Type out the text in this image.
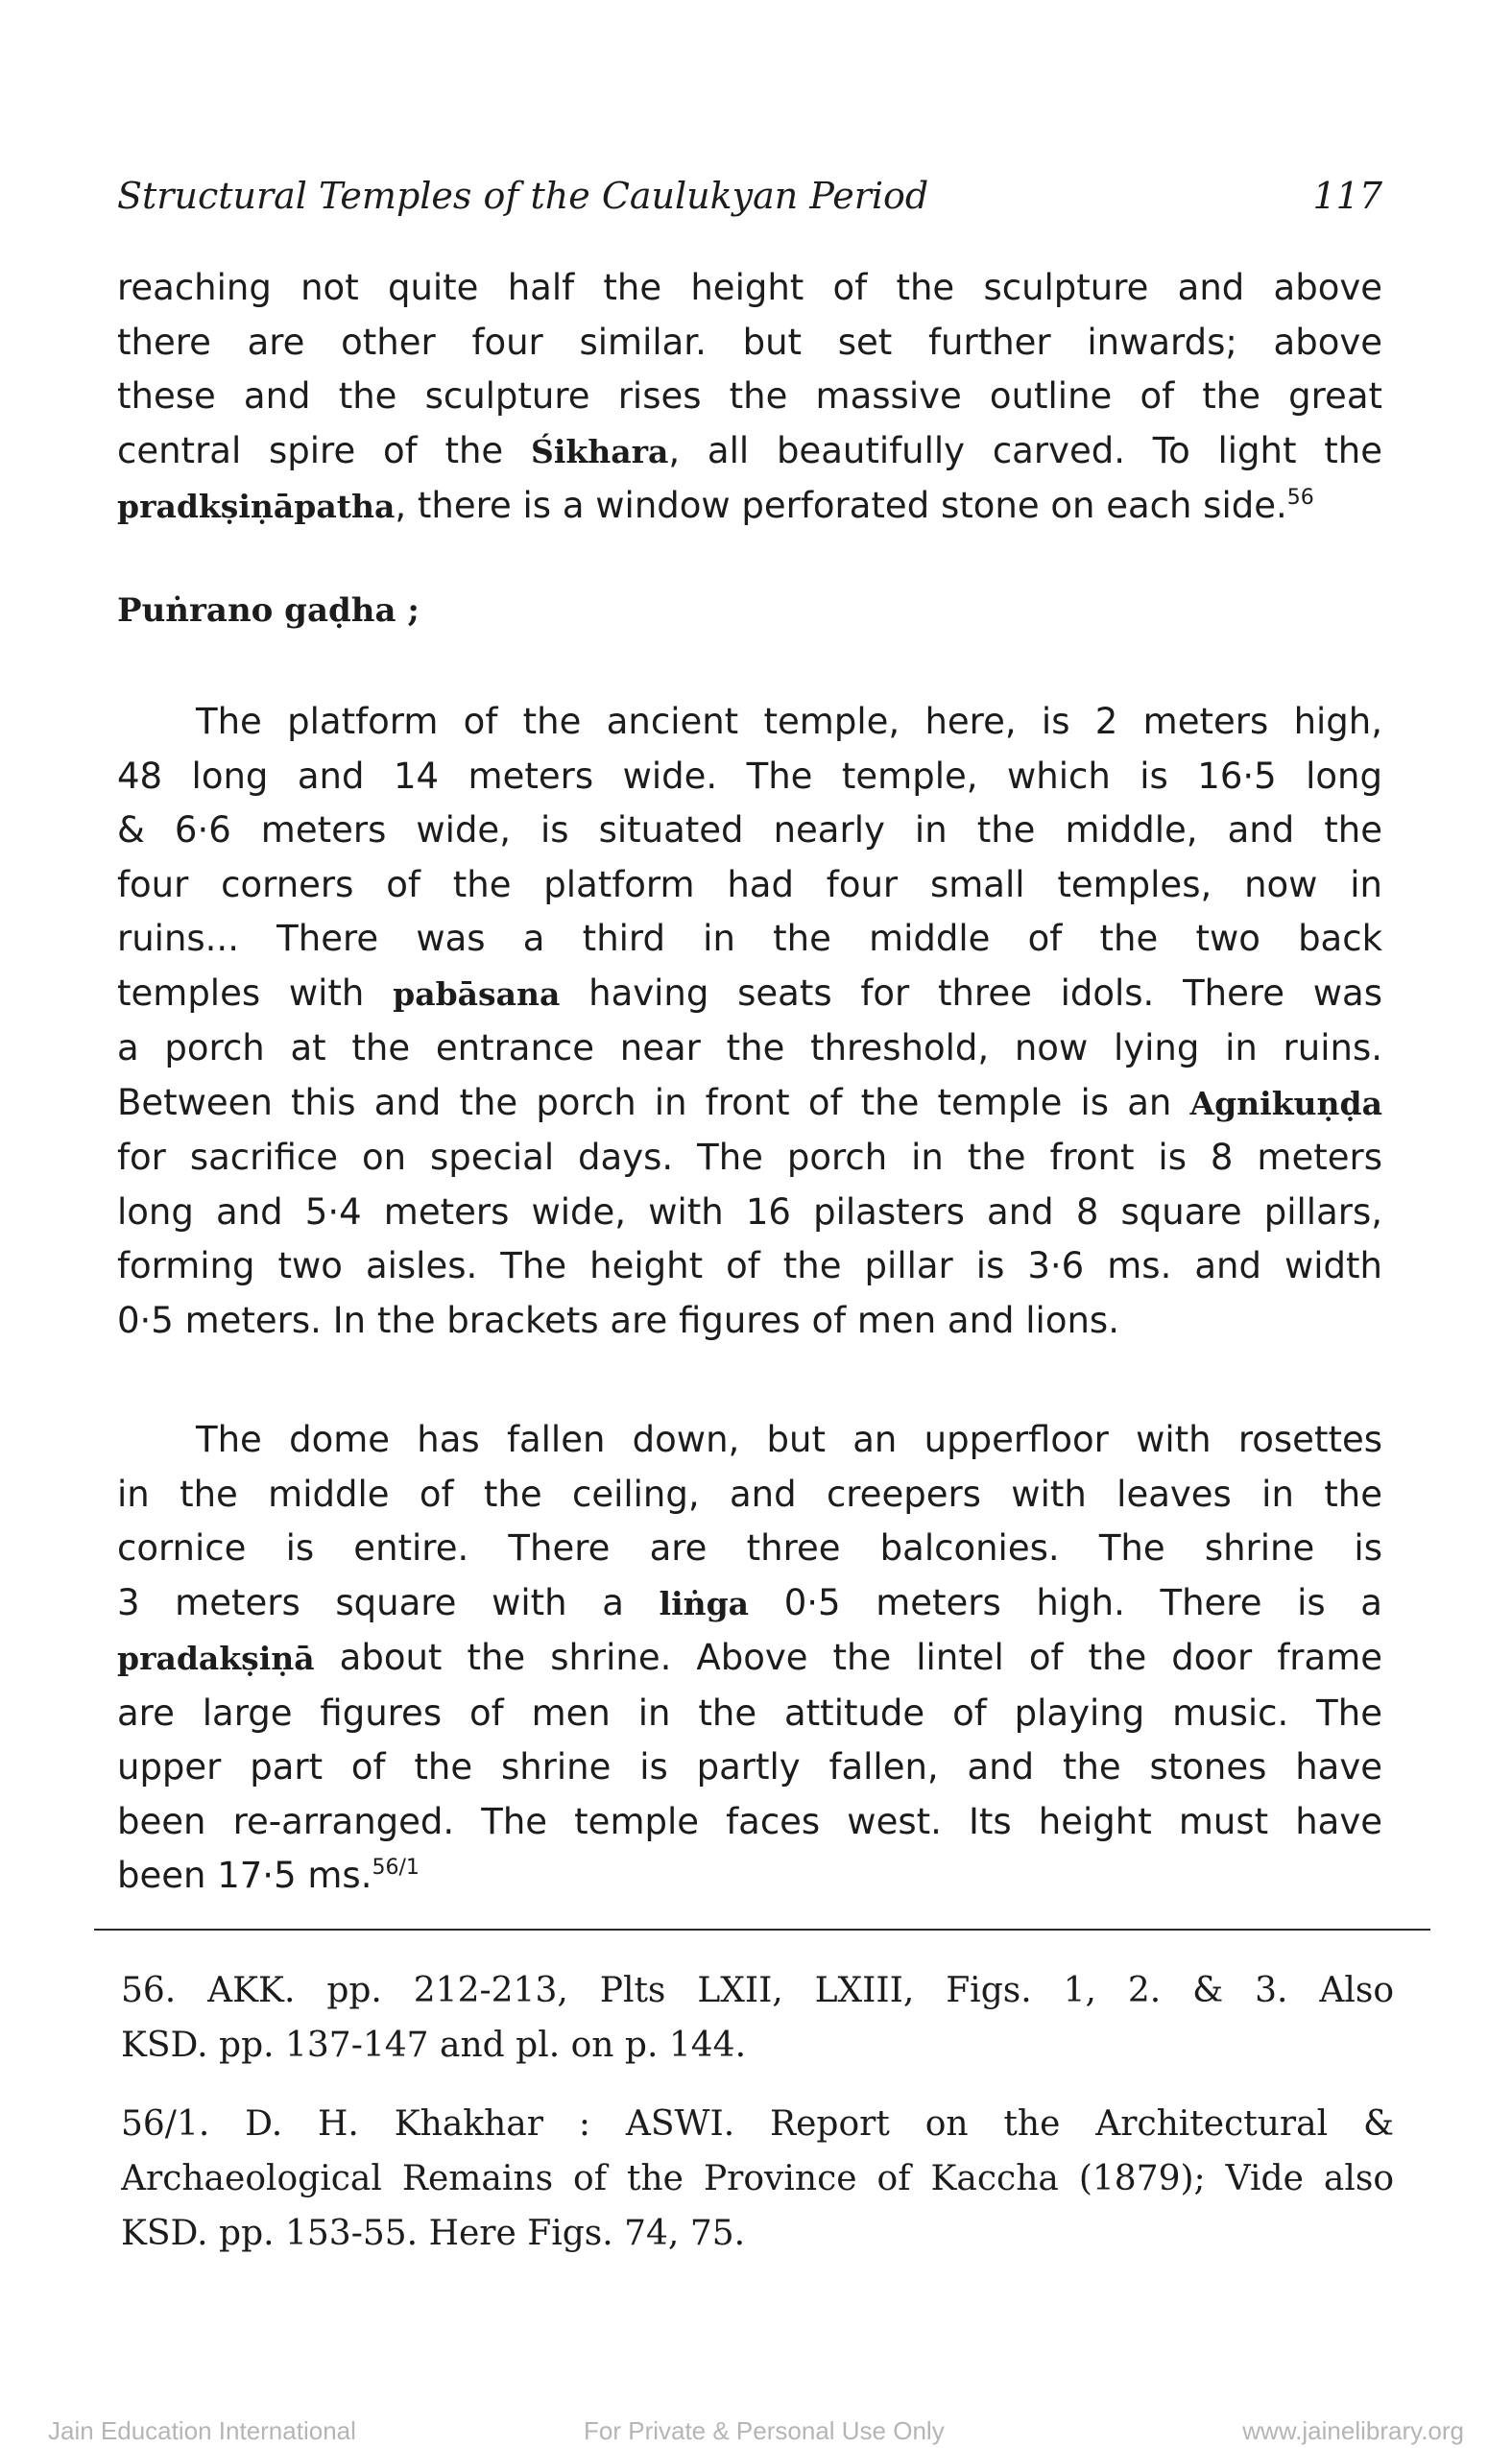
Structural Temples of the Caulukyan Period	117
reaching not quite half the height of the sculpture and above
there are other four similar. but set further inwards; above
these and the sculpture rises the massive outline of the great
central spire of the Śikhara, all beautifully carved. To light the
pradkṣiṇāpatha, there is a window perforated stone on each side.$^{56}$
Puṅrano gaḍha ;
The platform of the ancient temple, here, is 2 meters high,
48 long and 14 meters wide. The temple, which is 16·5 long
& 6·6 meters wide, is situated nearly in the middle, and the
four corners of the platform had four small temples, now in
ruins... There was a third in the middle of the two back
temples with pabāsana having seats for three idols. There was
a porch at the entrance near the threshold, now lying in ruins.
Between this and the porch in front of the temple is an Agnikuṇḍa
for sacrifice on special days. The porch in the front is 8 meters
long and 5·4 meters wide, with 16 pilasters and 8 square pillars,
forming two aisles. The height of the pillar is 3·6 ms. and width
0·5 meters. In the brackets are figures of men and lions.
The dome has fallen down, but an upperfloor with rosettes
in the middle of the ceiling, and creepers with leaves in the
cornice is entire. There are three balconies. The shrine is
3 meters square with a liṅga 0·5 meters high. There is a
pradakṣiṇā about the shrine. Above the lintel of the door frame
are large figures of men in the attitude of playing music. The
upper part of the shrine is partly fallen, and the stones have
been re-arranged. The temple faces west. Its height must have
been 17·5 ms.$^{56/1}$
56. AKK. pp. 212-213, Plts LXII, LXIII, Figs. 1, 2. & 3. Also
KSD. pp. 137-147 and pl. on p. 144.
56/1. D. H. Khakhar : ASWI. Report on the Architectural &
Archaeological Remains of the Province of Kaccha (1879); Vide also
KSD. pp. 153-55. Here Figs. 74, 75.
Jain Education International	For Private & Personal Use Only	www.jainelibrary.org
